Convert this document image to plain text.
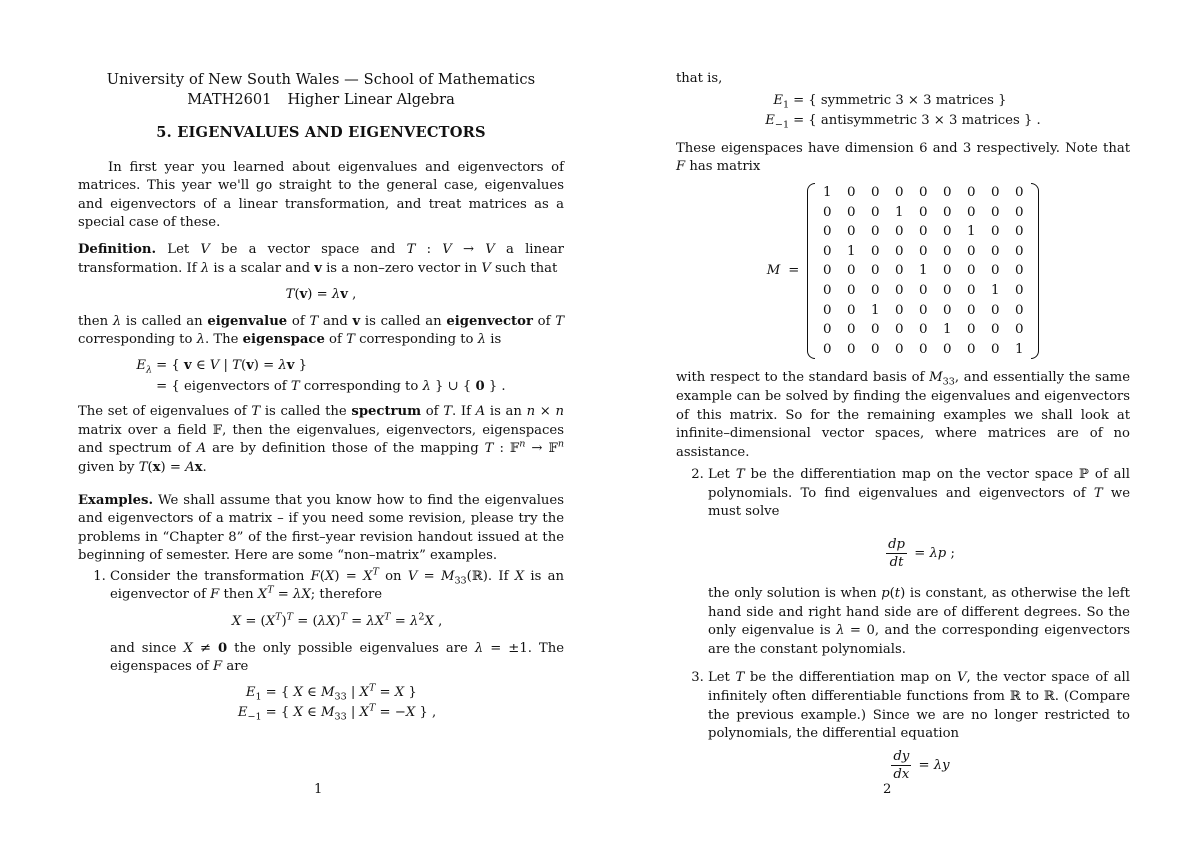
University of New South Wales — School of Mathematics
MATH2601 Higher Linear Algebra
5. EIGENVALUES AND EIGENVECTORS

In first year you learned about eigenvalues and eigenvectors of matrices. This year we'll go straight to the general case, eigenvalues and eigenvectors of a linear transformation, and treat matrices as a special case of these.

Definition. Let V be a vector space and T : V → V a linear transformation. If λ is a scalar and v is a non–zero vector in V such that

T(v) = λv ,

then λ is called an eigenvalue of T and v is called an eigenvector of T corresponding to λ. The eigenspace of T corresponding to λ is

$E_\lambda$	= { v ∈ V | T(v) = λv }
	= { eigenvectors of T corresponding to λ } ∪ { 0 } .

The set of eigenvalues of T is called the spectrum of T. If A is an n × n matrix over a field 𝔽, then the eigenvalues, eigenvectors, eigenspaces and spectrum of A are by definition those of the mapping T : 𝔽$^n$ → 𝔽$^n$ given by T(x) = Ax.

Examples. We shall assume that you know how to find the eigenvalues and eigenvectors of a matrix – if you need some revision, please try the problems in “Chapter 8” of the first–year revision handout issued at the beginning of semester. Here are some “non–matrix” examples.

1. Consider the transformation $F(X) = X^T$ on $V = M_{33}(ℝ)$. If X is an eigenvector of F then $X^T = \lambda X$; therefore
$X = (X^T)^T = (\lambda X)^T = \lambda X^T = \lambda^2X$ ,
and since X ≠ 0 the only possible eigenvalues are λ = ±1. The eigenspaces of F are
$E_1$	= { X ∈ $M_{33}$ | $X^T = X$ }
$E_{-1}$	= { X ∈ $M_{33}$ | $X^T = -X$ } ,
1

that is,

$E_1$	= { symmetric 3 × 3 matrices }
$E_{-1}$	= { antisymmetric 3 × 3 matrices } .

These eigenspaces have dimension 6 and 3 respectively. Note that F has matrix

M =
1	0	0	0	0	0	0	0	0
0	0	0	1	0	0	0	0	0
0	0	0	0	0	0	1	0	0
0	1	0	0	0	0	0	0	0
0	0	0	0	1	0	0	0	0
0	0	0	0	0	0	0	1	0
0	0	1	0	0	0	0	0	0
0	0	0	0	0	1	0	0	0
0	0	0	0	0	0	0	0	1

with respect to the standard basis of $M_{33}$, and essentially the same example can be solved by finding the eigenvalues and eigenvectors of this matrix. So for the remaining examples we shall look at infinite–dimensional vector spaces, where matrices are of no assistance.

2. Let T be the differentiation map on the vector space ℙ of all polynomials. To find eigenvalues and eigenvectors of T we must solve
$\frac{dp}{dt} = \lambda p$ ;
the only solution is when p(t) is constant, as otherwise the left hand side and right hand side are of different degrees. So the only eigenvalue is λ = 0, and the corresponding eigenvectors are the constant polynomials.
3. Let T be the differentiation map on V, the vector space of all infinitely often differentiable functions from ℝ to ℝ. (Compare the previous example.) Since we are no longer restricted to polynomials, the differential equation
$\frac{dy}{dx} = \lambda y$
2
